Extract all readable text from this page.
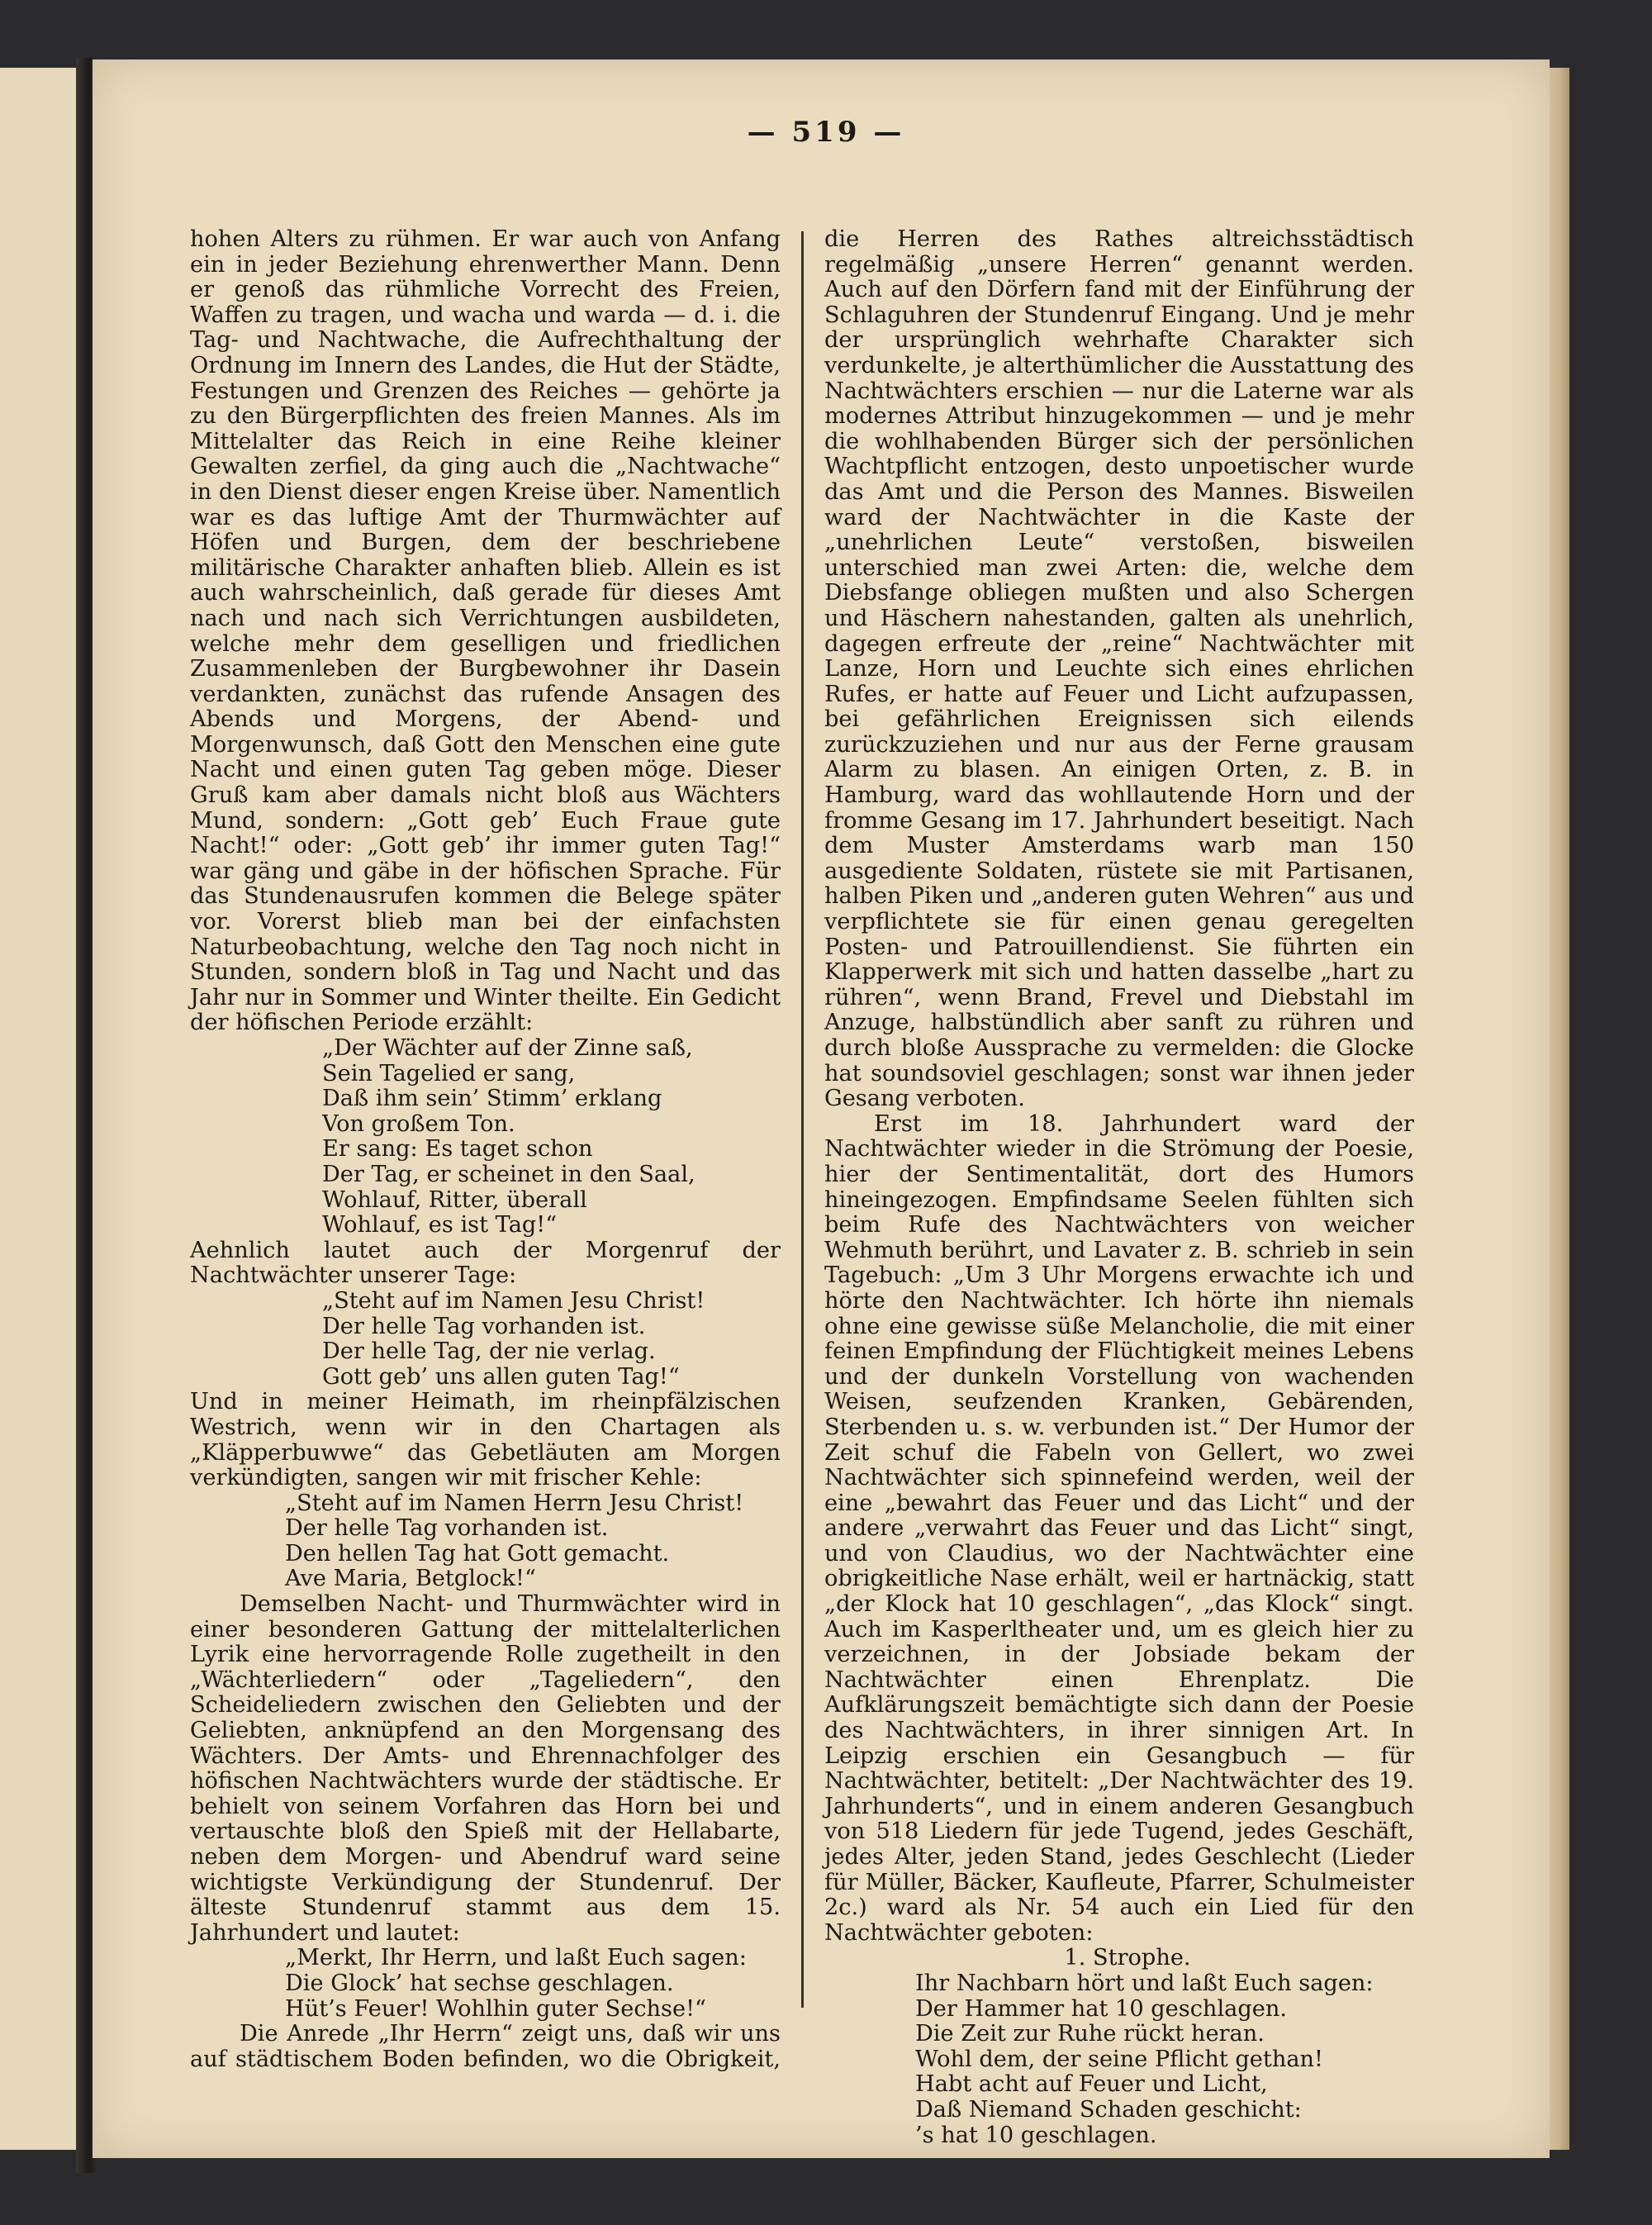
— 519 —

hohen Alters zu rühmen. Er war auch von Anfang ein in jeder Beziehung ehrenwerther Mann. Denn er genoß das rühmliche Vorrecht des Freien, Waffen zu tragen, und wacha und warda — d. i. die Tag- und Nachtwache, die Aufrechthaltung der Ordnung im Innern des Landes, die Hut der Städte, Festungen und Grenzen des Reiches — gehörte ja zu den Bürgerpflichten des freien Mannes. Als im Mittelalter das Reich in eine Reihe kleiner Gewalten zerfiel, da ging auch die „Nachtwache“ in den Dienst dieser engen Kreise über. Namentlich war es das luftige Amt der Thurmwächter auf Höfen und Burgen, dem der beschriebene militärische Charakter anhaften blieb. Allein es ist auch wahrscheinlich, daß gerade für dieses Amt nach und nach sich Verrichtungen ausbildeten, welche mehr dem geselligen und friedlichen Zusammenleben der Burgbewohner ihr Dasein verdankten, zunächst das rufende Ansagen des Abends und Morgens, der Abend- und Morgenwunsch, daß Gott den Menschen eine gute Nacht und einen guten Tag geben möge. Dieser Gruß kam aber damals nicht bloß aus Wächters Mund, sondern: „Gott geb’ Euch Fraue gute Nacht!“ oder: „Gott geb’ ihr immer guten Tag!“ war gäng und gäbe in der höfischen Sprache. Für das Stundenausrufen kommen die Belege später vor. Vorerst blieb man bei der einfachsten Naturbeobachtung, welche den Tag noch nicht in Stunden, sondern bloß in Tag und Nacht und das Jahr nur in Sommer und Winter theilte. Ein Gedicht der höfischen Periode erzählt:

„Der Wächter auf der Zinne saß,
Sein Tagelied er sang,
Daß ihm sein’ Stimm’ erklang
Von großem Ton.
Er sang: Es taget schon
Der Tag, er scheinet in den Saal,
Wohlauf, Ritter, überall
Wohlauf, es ist Tag!“

Aehnlich lautet auch der Morgenruf der Nachtwächter unserer Tage:

„Steht auf im Namen Jesu Christ!
Der helle Tag vorhanden ist.
Der helle Tag, der nie verlag.
Gott geb’ uns allen guten Tag!“

Und in meiner Heimath, im rheinpfälzischen Westrich, wenn wir in den Chartagen als „Kläpperbuwwe“ das Gebetläuten am Morgen verkündigten, sangen wir mit frischer Kehle:

„Steht auf im Namen Herrn Jesu Christ!
Der helle Tag vorhanden ist.
Den hellen Tag hat Gott gemacht.
Ave Maria, Betglock!“

Demselben Nacht- und Thurmwächter wird in einer besonderen Gattung der mittelalterlichen Lyrik eine hervorragende Rolle zugetheilt in den „Wächterliedern“ oder „Tageliedern“, den Scheideliedern zwischen den Geliebten und der Geliebten, anknüpfend an den Morgensang des Wächters. Der Amts- und Ehrennachfolger des höfischen Nachtwächters wurde der städtische. Er behielt von seinem Vorfahren das Horn bei und vertauschte bloß den Spieß mit der Hellabarte, neben dem Morgen- und Abendruf ward seine wichtigste Verkündigung der Stundenruf. Der älteste Stundenruf stammt aus dem 15. Jahrhundert und lautet:

„Merkt, Ihr Herrn, und laßt Euch sagen:
Die Glock’ hat sechse geschlagen.
Hüt’s Feuer! Wohlhin guter Sechse!“

Die Anrede „Ihr Herrn“ zeigt uns, daß wir uns auf städtischem Boden befinden, wo die Obrigkeit,

die Herren des Rathes altreichsstädtisch regelmäßig „unsere Herren“ genannt werden. Auch auf den Dörfern fand mit der Einführung der Schlaguhren der Stundenruf Eingang. Und je mehr der ursprünglich wehrhafte Charakter sich verdunkelte, je alterthümlicher die Ausstattung des Nachtwächters erschien — nur die Laterne war als modernes Attribut hinzugekommen — und je mehr die wohlhabenden Bürger sich der persönlichen Wachtpflicht entzogen, desto unpoetischer wurde das Amt und die Person des Mannes. Bisweilen ward der Nachtwächter in die Kaste der „unehrlichen Leute“ verstoßen, bisweilen unterschied man zwei Arten: die, welche dem Diebsfange obliegen mußten und also Schergen und Häschern nahestanden, galten als unehrlich, dagegen erfreute der „reine“ Nachtwächter mit Lanze, Horn und Leuchte sich eines ehrlichen Rufes, er hatte auf Feuer und Licht aufzupassen, bei gefährlichen Ereignissen sich eilends zurückzuziehen und nur aus der Ferne grausam Alarm zu blasen. An einigen Orten, z. B. in Hamburg, ward das wohllautende Horn und der fromme Gesang im 17. Jahrhundert beseitigt. Nach dem Muster Amsterdams warb man 150 ausgediente Soldaten, rüstete sie mit Partisanen, halben Piken und „anderen guten Wehren“ aus und verpflichtete sie für einen genau geregelten Posten- und Patrouillendienst. Sie führten ein Klapperwerk mit sich und hatten dasselbe „hart zu rühren“, wenn Brand, Frevel und Diebstahl im Anzuge, halbstündlich aber sanft zu rühren und durch bloße Aussprache zu vermelden: die Glocke hat soundsoviel geschlagen; sonst war ihnen jeder Gesang verboten.

Erst im 18. Jahrhundert ward der Nachtwächter wieder in die Strömung der Poesie, hier der Sentimentalität, dort des Humors hineingezogen. Empfindsame Seelen fühlten sich beim Rufe des Nachtwächters von weicher Wehmuth berührt, und Lavater z. B. schrieb in sein Tagebuch: „Um 3 Uhr Morgens erwachte ich und hörte den Nachtwächter. Ich hörte ihn niemals ohne eine gewisse süße Melancholie, die mit einer feinen Empfindung der Flüchtigkeit meines Lebens und der dunkeln Vorstellung von wachenden Weisen, seufzenden Kranken, Gebärenden, Sterbenden u. s. w. verbunden ist.“ Der Humor der Zeit schuf die Fabeln von Gellert, wo zwei Nachtwächter sich spinnefeind werden, weil der eine „bewahrt das Feuer und das Licht“ und der andere „verwahrt das Feuer und das Licht“ singt, und von Claudius, wo der Nachtwächter eine obrigkeitliche Nase erhält, weil er hartnäckig, statt „der Klock hat 10 geschlagen“, „das Klock“ singt. Auch im Kasperltheater und, um es gleich hier zu verzeichnen, in der Jobsiade bekam der Nachtwächter einen Ehrenplatz. Die Aufklärungszeit bemächtigte sich dann der Poesie des Nachtwächters, in ihrer sinnigen Art. In Leipzig erschien ein Gesangbuch — für Nachtwächter, betitelt: „Der Nachtwächter des 19. Jahrhunderts“, und in einem anderen Gesangbuch von 518 Liedern für jede Tugend, jedes Geschäft, jedes Alter, jeden Stand, jedes Geschlecht (Lieder für Müller, Bäcker, Kaufleute, Pfarrer, Schulmeister 2c.) ward als Nr. 54 auch ein Lied für den Nachtwächter geboten:

1. Strophe.

Ihr Nachbarn hört und laßt Euch sagen:
Der Hammer hat 10 geschlagen.
Die Zeit zur Ruhe rückt heran.
Wohl dem, der seine Pflicht gethan!
Habt acht auf Feuer und Licht,
Daß Niemand Schaden geschicht:
’s hat 10 geschlagen.
